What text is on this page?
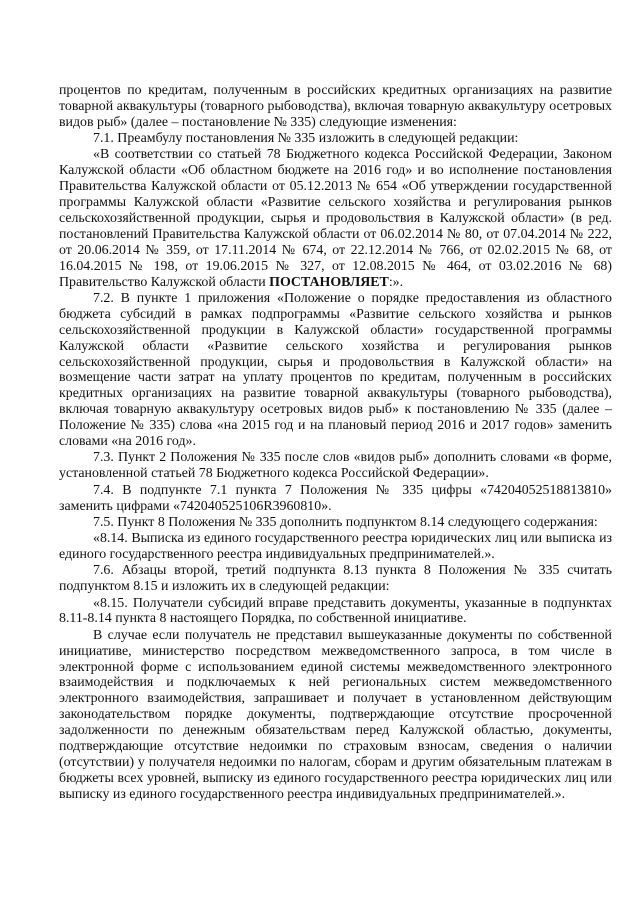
процентов по кредитам, полученным в российских кредитных организациях на развитие товарной аквакультуры (товарного рыбоводства), включая товарную аквакультуру осетровых видов рыб» (далее – постановление № 335) следующие изменения:

7.1. Преамбулу постановления № 335 изложить в следующей редакции:

«В соответствии со статьей 78 Бюджетного кодекса Российской Федерации, Законом Калужской области «Об областном бюджете на 2016 год» и во исполнение постановления Правительства Калужской области от 05.12.2013 № 654 «Об утверждении государственной программы Калужской области «Развитие сельского хозяйства и регулирования рынков сельскохозяйственной продукции, сырья и продовольствия в Калужской области» (в ред. постановлений Правительства Калужской области от 06.02.2014 № 80, от 07.04.2014 № 222, от 20.06.2014 № 359, от 17.11.2014 № 674, от 22.12.2014 № 766, от 02.02.2015 № 68, от 16.04.2015 № 198, от 19.06.2015 № 327, от 12.08.2015 № 464, от 03.02.2016 № 68) Правительство Калужской области ПОСТАНОВЛЯЕТ:».

7.2. В пункте 1 приложения «Положение о порядке предоставления из областного бюджета субсидий в рамках подпрограммы «Развитие сельского хозяйства и рынков сельскохозяйственной продукции в Калужской области» государственной программы Калужской области «Развитие сельского хозяйства и регулирования рынков сельскохозяйственной продукции, сырья и продовольствия в Калужской области» на возмещение части затрат на уплату процентов по кредитам, полученным в российских кредитных организациях на развитие товарной аквакультуры (товарного рыбоводства), включая товарную аквакультуру осетровых видов рыб» к постановлению № 335 (далее – Положение № 335) слова «на 2015 год и на плановый период 2016 и 2017 годов» заменить словами «на 2016 год».

7.3. Пункт 2 Положения № 335 после слов «видов рыб» дополнить словами «в форме, установленной статьей 78 Бюджетного кодекса Российской Федерации».

7.4. В подпункте 7.1 пункта 7 Положения № 335 цифры «74204052518813810» заменить цифрами «742040525106R3960810».

7.5. Пункт 8 Положения № 335 дополнить подпунктом 8.14 следующего содержания:

«8.14. Выписка из единого государственного реестра юридических лиц или выписка из единого государственного реестра индивидуальных предпринимателей.».

7.6. Абзацы второй, третий подпункта 8.13 пункта 8 Положения № 335 считать подпунктом 8.15 и изложить их в следующей редакции:

«8.15. Получатели субсидий вправе представить документы, указанные в подпунктах 8.11-8.14 пункта 8 настоящего Порядка, по собственной инициативе.

В случае если получатель не представил вышеуказанные документы по собственной инициативе, министерство посредством межведомственного запроса, в том числе в электронной форме с использованием единой системы межведомственного электронного взаимодействия и подключаемых к ней региональных систем межведомственного электронного взаимодействия, запрашивает и получает в установленном действующим законодательством порядке документы, подтверждающие отсутствие просроченной задолженности по денежным обязательствам перед Калужской областью, документы, подтверждающие отсутствие недоимки по страховым взносам, сведения о наличии (отсутствии) у получателя недоимки по налогам, сборам и другим обязательным платежам в бюджеты всех уровней, выписку из единого государственного реестра юридических лиц или выписку из единого государственного реестра индивидуальных предпринимателей.».
